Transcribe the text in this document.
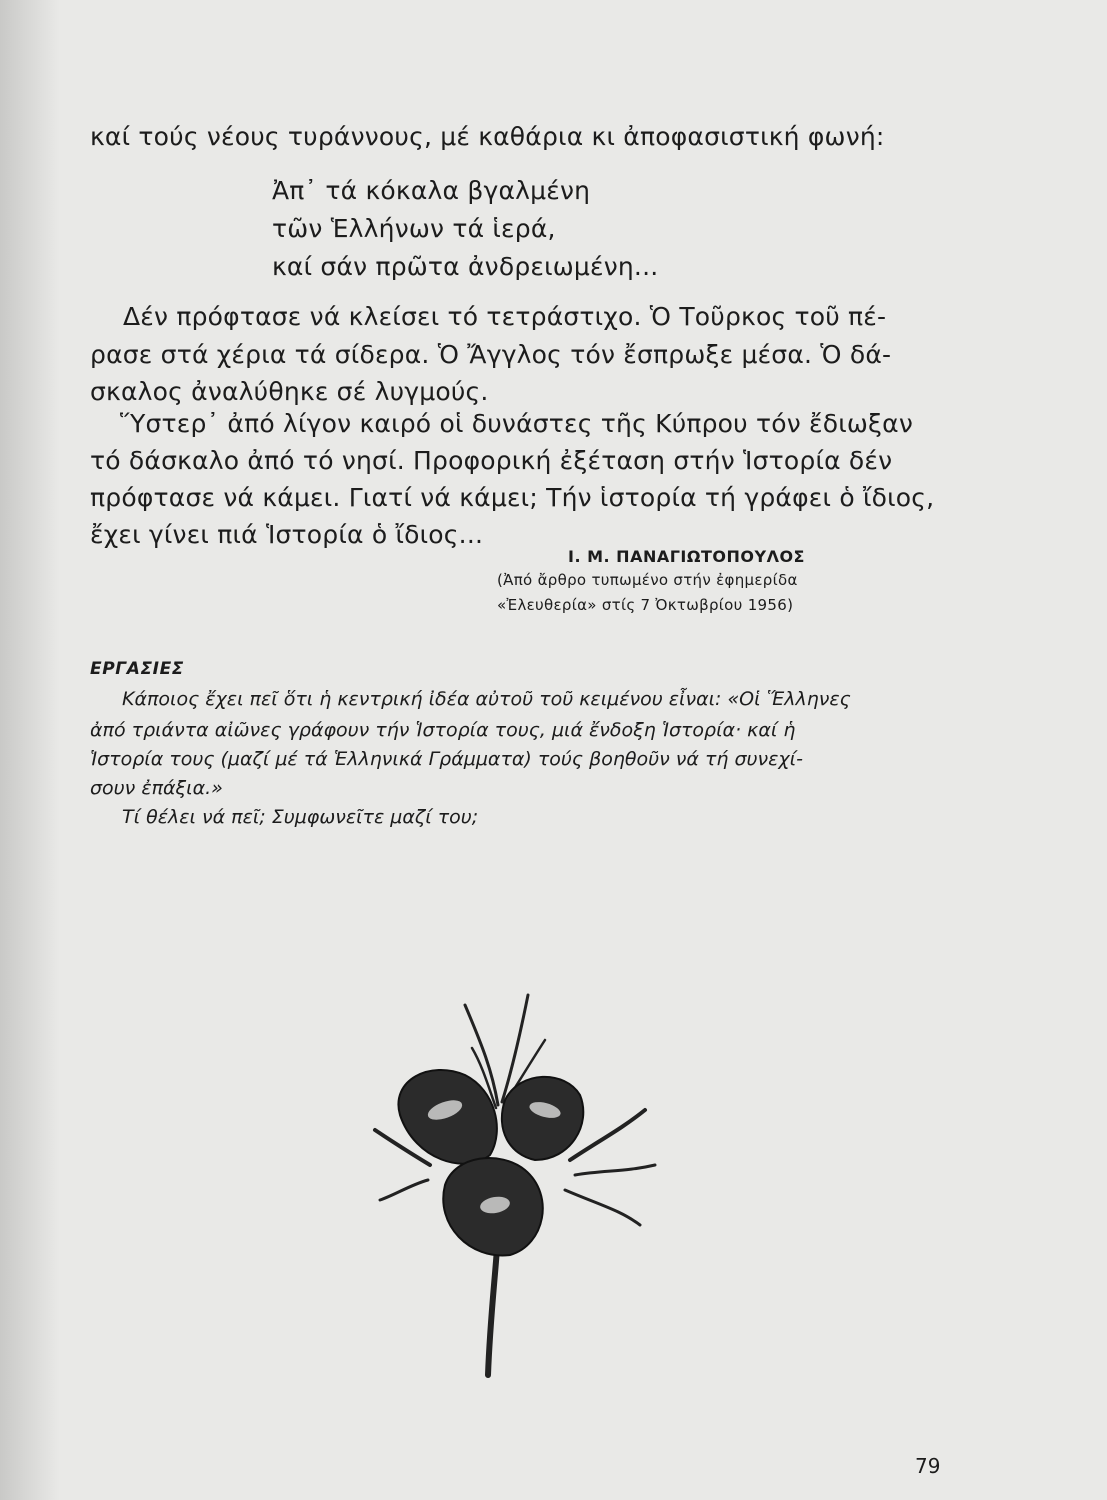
καί τούς νέους τυράννους, μέ καθάρια κι ἀποφασιστική φωνή:
Ἀπ᾽ τά κόκαλα βγαλμένη
τῶν Ἑλλήνων τά ἱερά,
καί σάν πρῶτα ἀνδρειωμένη...
Δέν πρόφτασε νά κλείσει τό τετράστιχο. Ὁ Τοῦρκος τοῦ πέ-
ρασε στά χέρια τά σίδερα. Ὁ Ἄγγλος τόν ἔσπρωξε μέσα. Ὁ δά-
σκαλος ἀναλύθηκε σέ λυγμούς.
Ὕστερ᾽ ἀπό λίγον καιρό οἱ δυνάστες τῆς Κύπρου τόν ἔδιωξαν
τό δάσκαλο ἀπό τό νησί. Προφορική ἐξέταση στήν Ἱστορία δέν
πρόφτασε νά κάμει. Γιατί νά κάμει; Τήν ἱστορία τή γράφει ὁ ἴδιος,
ἔχει γίνει πιά Ἱστορία ὁ ἴδιος...
Ι. Μ. ΠΑΝΑΓΙΩΤΟΠΟΥΛΟΣ
(Ἀπό ἄρθρο τυπωμένο στήν ἐφημερίδα
«Ἐλευθερία» στίς 7 Ὀκτωβρίου 1956)
ΕΡΓΑΣΙΕΣ
Κάποιος ἔχει πεῖ ὅτι ἡ κεντρική ἰδέα αὐτοῦ τοῦ κειμένου εἶναι: «Οἱ Ἕλληνες
ἀπό τριάντα αἰῶνες γράφουν τήν Ἱστορία τους, μιά ἔνδοξη Ἱστορία· καί ἡ
Ἱστορία τους (μαζί μέ τά Ἑλληνικά Γράμματα) τούς βοηθοῦν νά τή συνεχί-
σουν ἐπάξια.»
Τί θέλει νά πεῖ; Συμφωνεῖτε μαζί του;
79
